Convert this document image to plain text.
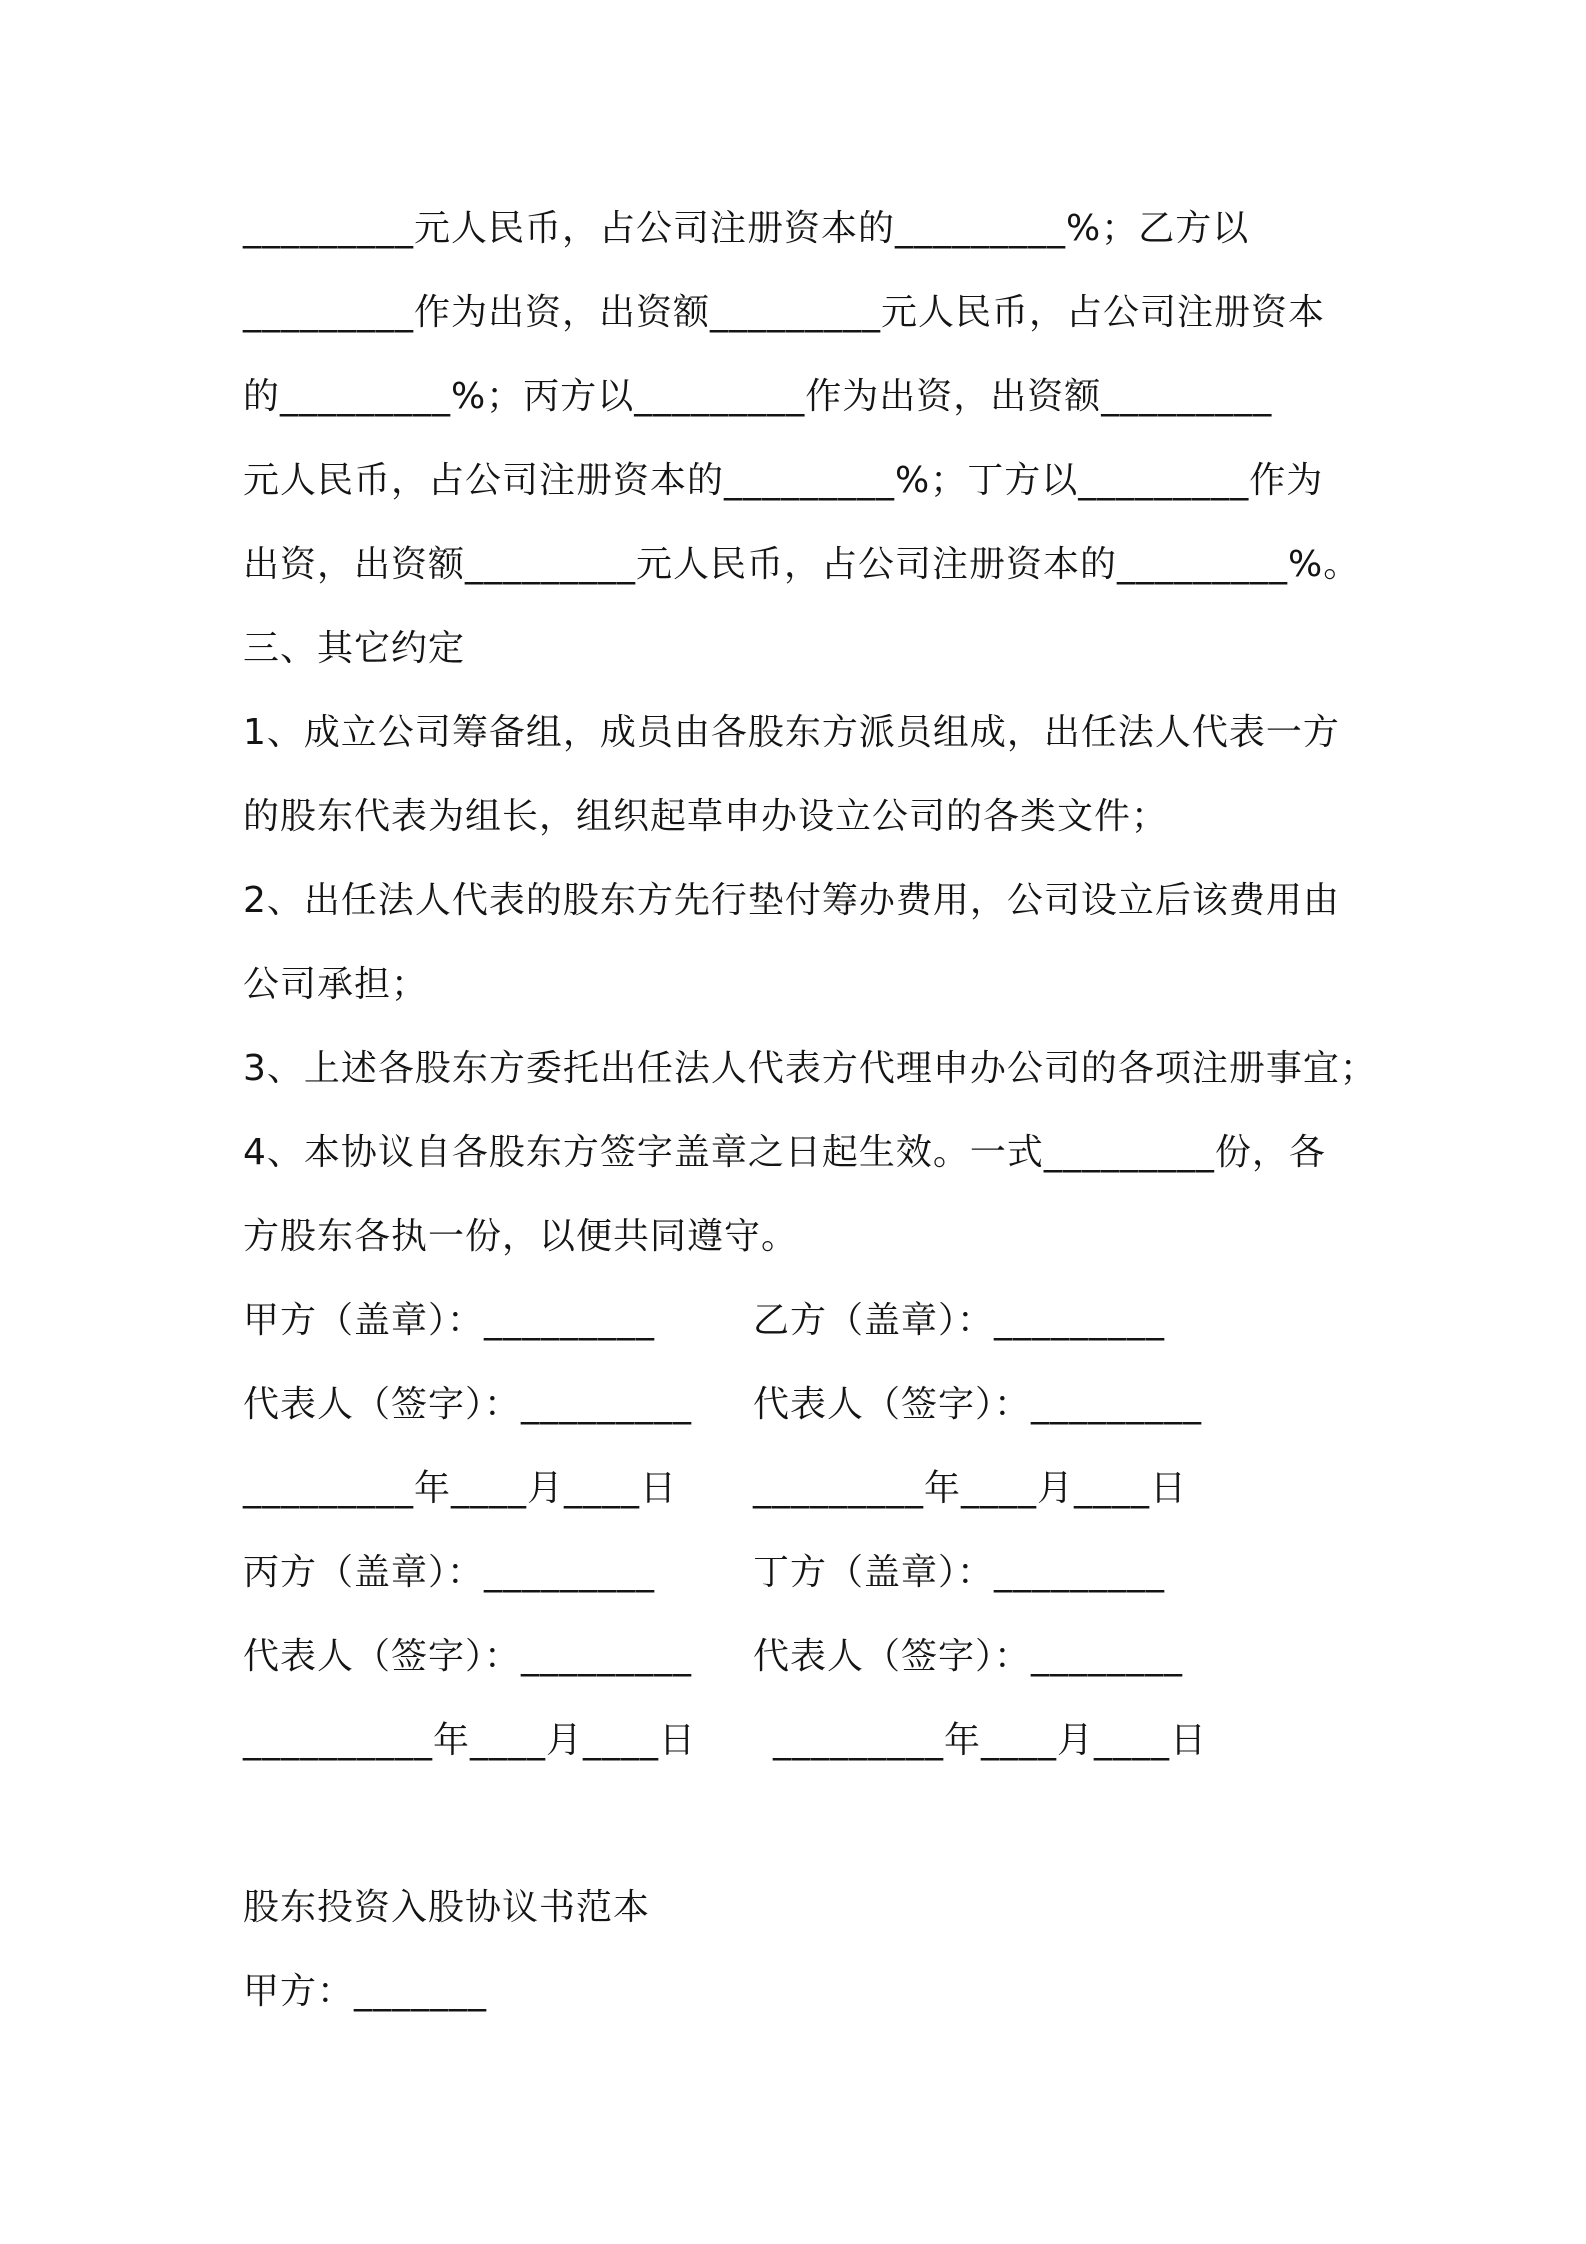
_________元人民币，占公司注册资本的_________%；乙方以
_________作为出资，出资额_________元人民币，占公司注册资本
的_________%；丙方以_________作为出资，出资额_________
元人民币，占公司注册资本的_________%；丁方以_________作为
出资，出资额_________元人民币，占公司注册资本的_________%。
三、其它约定
1、成立公司筹备组，成员由各股东方派员组成，出任法人代表一方
的股东代表为组长，组织起草申办设立公司的各类文件；
2、出任法人代表的股东方先行垫付筹办费用，公司设立后该费用由
公司承担；
3、上述各股东方委托出任法人代表方代理申办公司的各项注册事宜；
4、本协议自各股东方签字盖章之日起生效。一式_________份，各
方股东各执一份，以便共同遵守。
甲方（盖章）：_________	乙方（盖章）：_________
代表人（签字）：_________ 代表人（签字）：_________
_________年____月____日 _________年____月____日
丙方（盖章）：_________	丁方（盖章）：_________
代表人（签字）：_________ 代表人（签字）：________
__________年____月____日 _________年____月____日
股东投资入股协议书范本
甲方：_______
